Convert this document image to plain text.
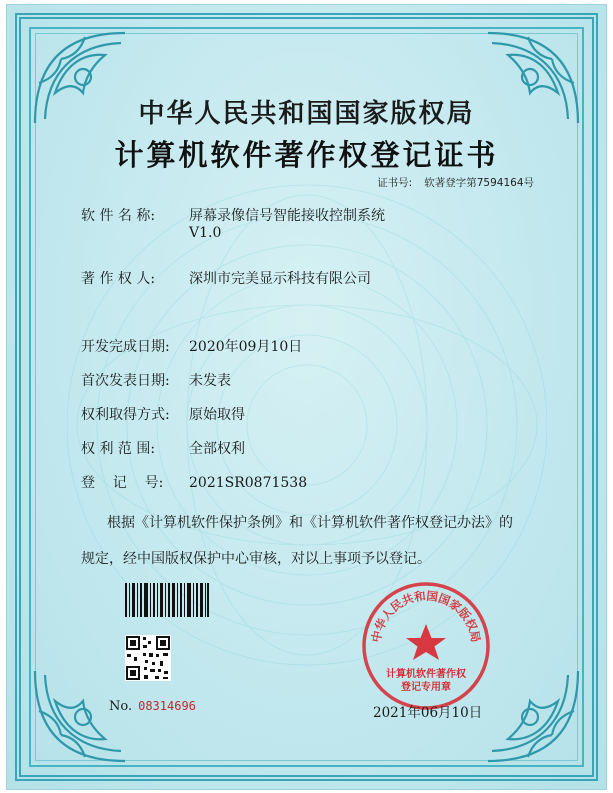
中华人民共和国国家版权局
计算机软件著作权登记证书
证书号: 软著登字第7594164号
软 件 名 称: 屏幕录像信号智能接收控制系统
V1.0
著 作 权 人: 深圳市完美显示科技有限公司
开发完成日期: 2020年09月10日
首次发表日期: 未发表
权利取得方式: 原始取得
权 利 范 围: 全部权利
登    记    号: 2021SR0871538
根据《计算机软件保护条例》和《计算机软件著作权登记办法》的
规定，经中国版权保护中心审核，对以上事项予以登记。
No. 08314696
中华人民共和国国家版权局
计算机软件著作权
登记专用章
2021年06月10日
